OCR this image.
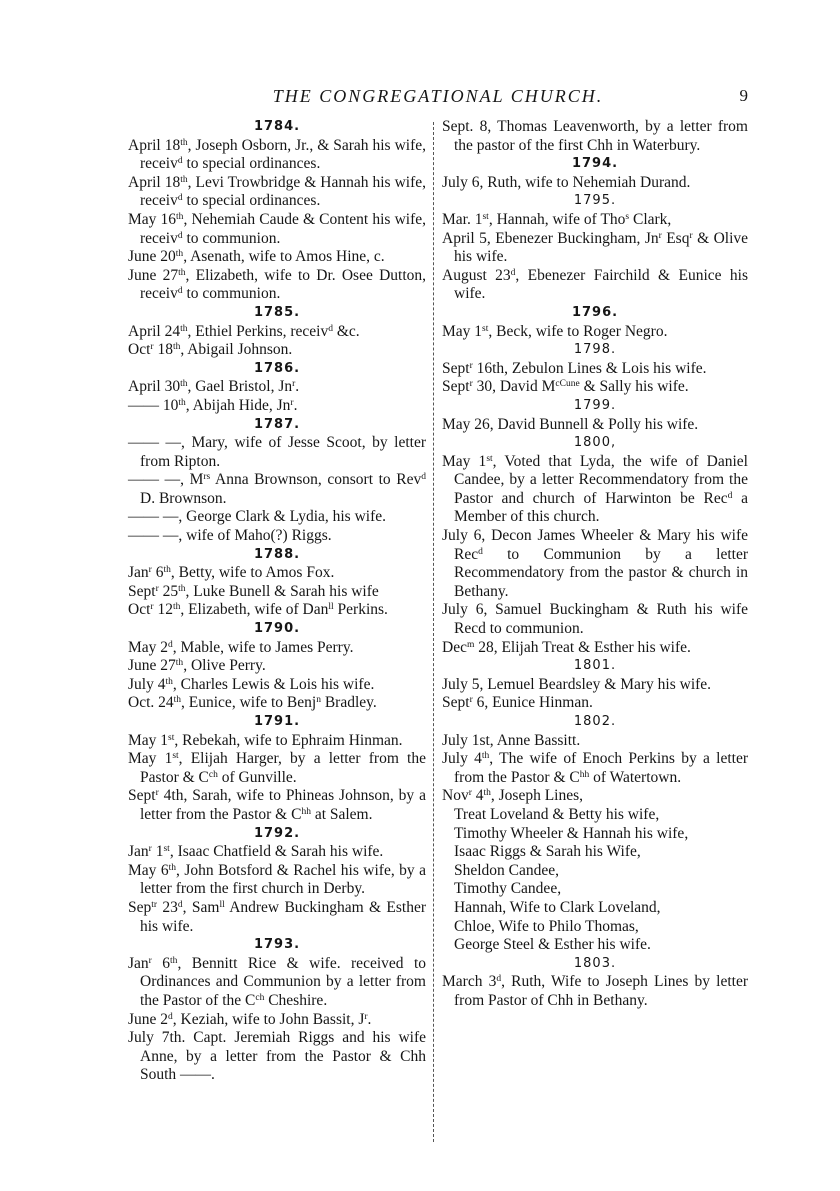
THE CONGREGATIONAL CHURCH.	9
1784.
April 18th, Joseph Osborn, Jr., & Sarah his wife, receiv$^d$ to special ordinances.
April 18th, Levi Trowbridge & Hannah his wife, receiv$^d$ to special ordinances.
May 16th, Nehemiah Caude & Content his wife, receiv$^d$ to communion.
June 20th, Asenath, wife to Amos Hine, c.
June 27th, Elizabeth, wife to Dr. Osee Dutton, receiv$^d$ to communion.
1785.
April 24th, Ethiel Perkins, receiv$^d$ &c.
Oct$^r$ 18th, Abigail Johnson.
1786.
April 30th, Gael Bristol, Jn$^r$.
—— 10th, Abijah Hide, Jn$^r$.
1787.
—— —, Mary, wife of Jesse Scoot, by letter from Ripton.
—— —, $M^{rs}$ Anna Brownson, consort to Rev$^d$ D. Brownson.
—— —, George Clark & Lydia, his wife.
—— —, wife of Maho(?) Riggs.
1788.
Jan$^r$ 6th, Betty, wife to Amos Fox.
Sept$^r$ 25th, Luke Bunell & Sarah his wife
Oct$^r$ 12th, Elizabeth, wife of Dan$^{ll}$ Perkins.
1790.
May 2$^d$, Mable, wife to James Perry.
June 27th, Olive Perry.
July 4th, Charles Lewis & Lois his wife.
Oct. 24th, Eunice, wife to Benj$^n$ Bradley.
1791.
May 1st, Rebekah, wife to Ephraim Hinman.
May 1st, Elijah Harger, by a letter from the Pastor & $C^{ch}$ of Gunville.
Sept$^r$ 4th, Sarah, wife to Phineas Johnson, by a letter from the Pastor & $C^{hh}$ at Salem.
1792.
Jan$^r$ 1st, Isaac Chatfield & Sarah his wife.
May 6th, John Botsford & Rachel his wife, by a letter from the first church in Derby.
Sep$^{tr}$ 23$^d$, Sam$^{ll}$ Andrew Buckingham & Esther his wife.
1793.
Jan$^r$ 6th, Bennitt Rice & wife. received to Ordinances and Communion by a letter from the Pastor of the $C^{ch}$ Cheshire.
June 2$^d$, Keziah, wife to John Bassit, $J^r$.
July 7th. Capt. Jeremiah Riggs and his wife Anne, by a letter from the Pastor & Chh South ——.
Sept. 8, Thomas Leavenworth, by a letter from the pastor of the first Chh in Waterbury.
1794.
July 6, Ruth, wife to Nehemiah Durand.
1795.
Mar. 1st, Hannah, wife of Tho$^s$ Clark,
April 5, Ebenezer Buckingham, Jn$^r$ Esq$^r$ & Olive his wife.
August 23$^d$, Ebenezer Fairchild & Eunice his wife.
1796.
May 1st, Beck, wife to Roger Negro.
1798.
Sept$^r$ 16th, Zebulon Lines & Lois his wife.
Sept$^r$ 30, David $M^{cCune}$ & Sally his wife.
1799.
May 26, David Bunnell & Polly his wife.
1800,
May 1st, Voted that Lyda, the wife of Daniel Candee, by a letter Recommendatory from the Pastor and church of Harwinton be Rec$^d$ a Member of this church.
July 6, Decon James Wheeler & Mary his wife Rec$^d$ to Communion by a letter Recommendatory from the pastor & church in Bethany.
July 6, Samuel Buckingham & Ruth his wife Recd to communion.
Dec$^m$ 28, Elijah Treat & Esther his wife.
1801.
July 5, Lemuel Beardsley & Mary his wife.
Sept$^r$ 6, Eunice Hinman.
1802.
July 1st, Anne Bassitt.
July 4th, The wife of Enoch Perkins by a letter from the Pastor & $C^{hh}$ of Watertown.
Nov$^r$ 4th, Joseph Lines,
Treat Loveland & Betty his wife,
Timothy Wheeler & Hannah his wife,
Isaac Riggs & Sarah his Wife,
Sheldon Candee,
Timothy Candee,
Hannah, Wife to Clark Loveland,
Chloe, Wife to Philo Thomas,
George Steel & Esther his wife.
1803.
March 3$^d$, Ruth, Wife to Joseph Lines by letter from Pastor of Chh in Bethany.
